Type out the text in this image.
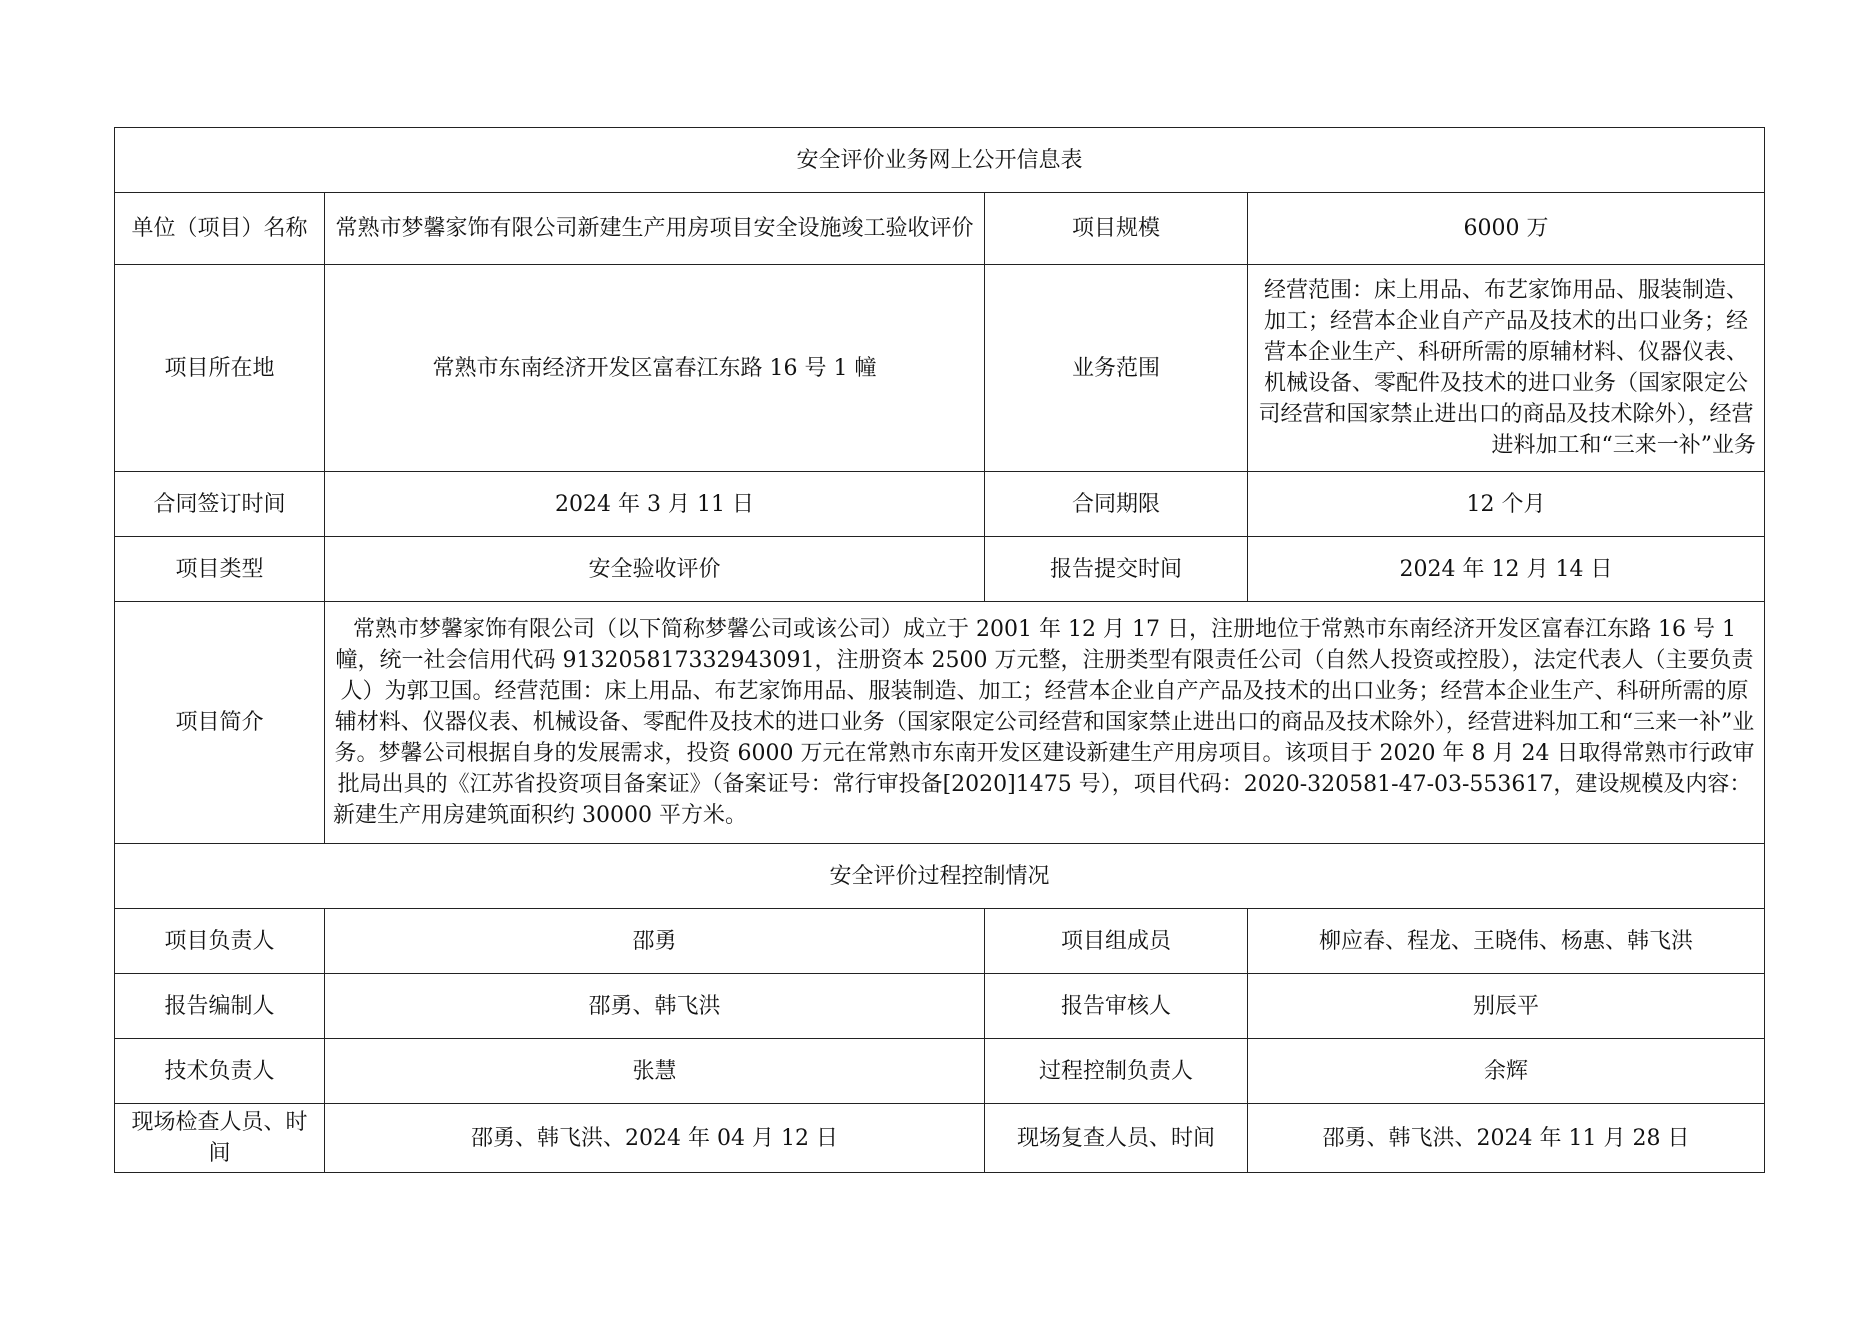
安全评价业务网上公开信息表			
单位（项目）名称	常熟市梦馨家饰有限公司新建生产用房项目安全设施竣工验收评价	项目规模	6000 万
项目所在地	常熟市东南经济开发区富春江东路 16 号 1 幢	业务范围	经营范围：床上用品、布艺家饰用品、服装制造、加工；经营本企业自产产品及技术的出口业务；经营本企业生产、科研所需的原辅材料、仪器仪表、机械设备、零配件及技术的进口业务（国家限定公司经营和国家禁止进出口的商品及技术除外），经营进料加工和“三来一补”业务
合同签订时间	2024 年 3 月 11 日	合同期限	12 个月
项目类型	安全验收评价	报告提交时间	2024 年 12 月 14 日
项目简介	常熟市梦馨家饰有限公司（以下简称梦馨公司或该公司）成立于 2001 年 12 月 17 日，注册地位于常熟市东南经济开发区富春江东路 16 号 1 幢，统一社会信用代码 913205817332943091，注册资本 2500 万元整，注册类型有限责任公司（自然人投资或控股），法定代表人（主要负责人）为郭卫国。经营范围：床上用品、布艺家饰用品、服装制造、加工；经营本企业自产产品及技术的出口业务；经营本企业生产、科研所需的原辅材料、仪器仪表、机械设备、零配件及技术的进口业务（国家限定公司经营和国家禁止进出口的商品及技术除外），经营进料加工和“三来一补”业务。梦馨公司根据自身的发展需求，投资 6000 万元在常熟市东南开发区建设新建生产用房项目。该项目于 2020 年 8 月 24 日取得常熟市行政审批局出具的《江苏省投资项目备案证》（备案证号：常行审投备[2020]1475 号），项目代码：2020-320581-47-03-553617，建设规模及内容：新建生产用房建筑面积约 30000 平方米。		
安全评价过程控制情况			
项目负责人	邵勇	项目组成员	柳应春、程龙、王晓伟、杨惠、韩飞洪
报告编制人	邵勇、韩飞洪	报告审核人	别辰平
技术负责人	张慧	过程控制负责人	余辉
现场检查人员、时间	邵勇、韩飞洪、2024 年 04 月 12 日	现场复查人员、时间	邵勇、韩飞洪、2024 年 11 月 28 日
